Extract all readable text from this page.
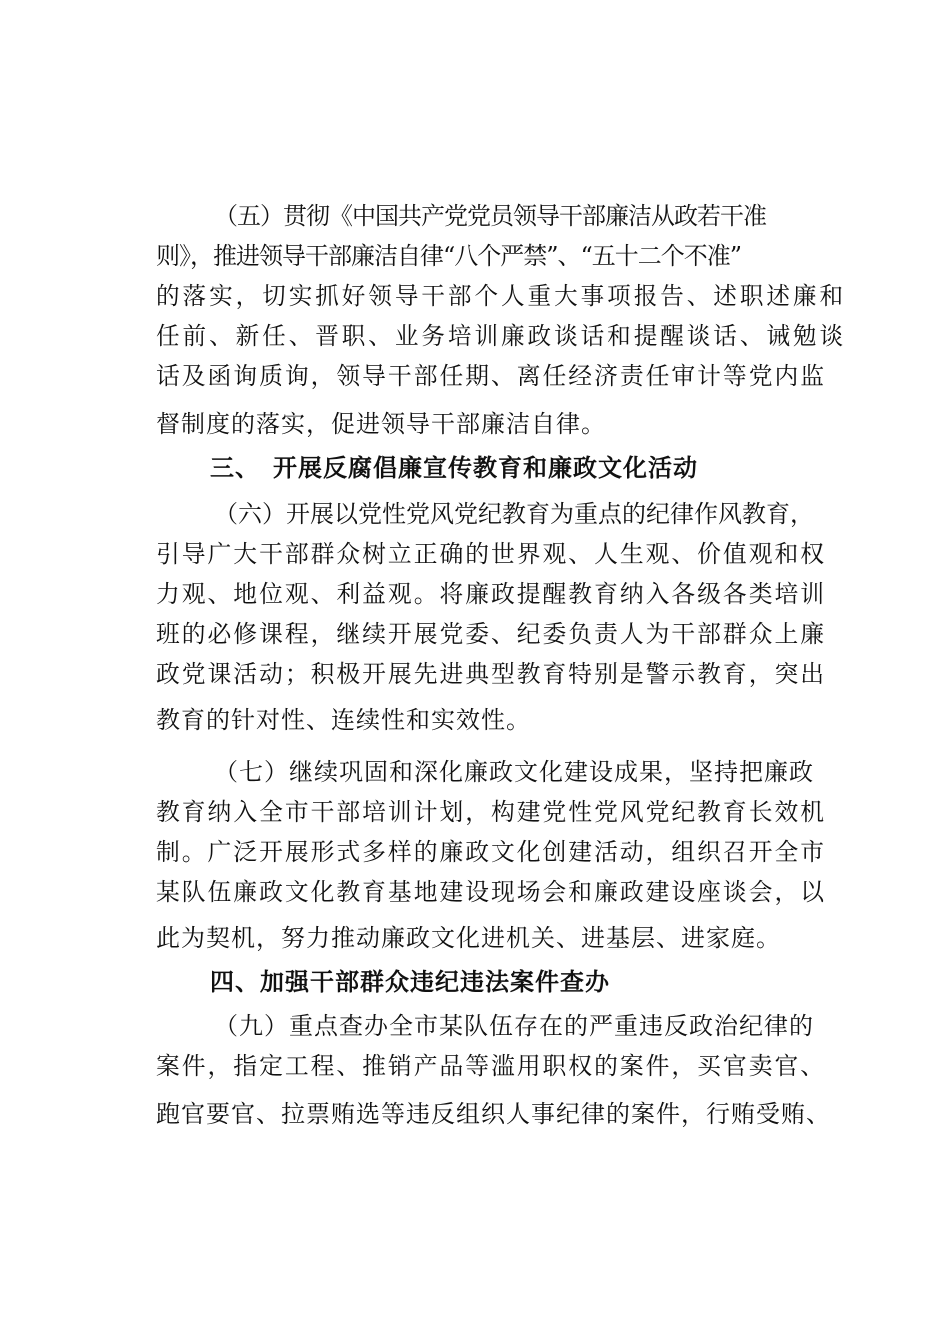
（五）贯彻《中国共产党党员领导干部廉洁从政若干准
则》，推进领导干部廉洁自律“八个严禁”、“五十二个不准”
的落实，切实抓好领导干部个人重大事项报告、述职述廉和
任前、新任、晋职、业务培训廉政谈话和提醒谈话、诫勉谈
话及函询质询，领导干部任期、离任经济责任审计等党内监
督制度的落实，促进领导干部廉洁自律。
三、　开展反腐倡廉宣传教育和廉政文化活动
（六）开展以党性党风党纪教育为重点的纪律作风教育，
引导广大干部群众树立正确的世界观、人生观、价值观和权
力观、地位观、利益观。将廉政提醒教育纳入各级各类培训
班的必修课程，继续开展党委、纪委负责人为干部群众上廉
政党课活动；积极开展先进典型教育特别是警示教育，突出
教育的针对性、连续性和实效性。
（七）继续巩固和深化廉政文化建设成果，坚持把廉政
教育纳入全市干部培训计划，构建党性党风党纪教育长效机
制。广泛开展形式多样的廉政文化创建活动，组织召开全市
某队伍廉政文化教育基地建设现场会和廉政建设座谈会，以
此为契机，努力推动廉政文化进机关、进基层、进家庭。
四、加强干部群众违纪违法案件查办
（九）重点查办全市某队伍存在的严重违反政治纪律的
案件，指定工程、推销产品等滥用职权的案件，买官卖官、
跑官要官、拉票贿选等违反组织人事纪律的案件，行贿受贿、
